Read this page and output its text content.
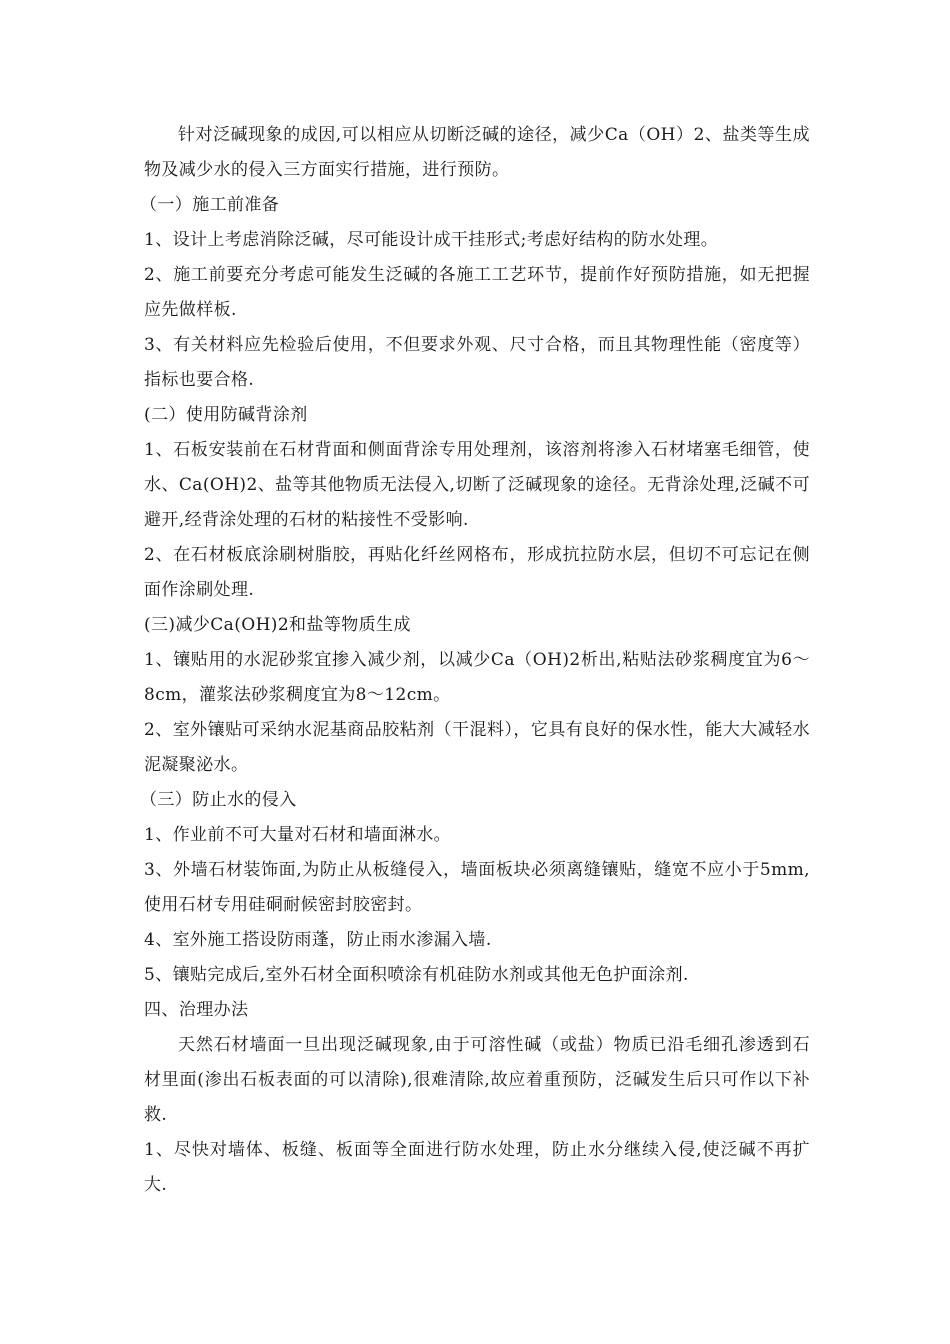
针对泛碱现象的成因,可以相应从切断泛碱的途径，减少Ca（OH）2、盐类等生成物及减少水的侵入三方面实行措施，进行预防。

（一）施工前准备

1、设计上考虑消除泛碱，尽可能设计成干挂形式;考虑好结构的防水处理。

2、施工前要充分考虑可能发生泛碱的各施工工艺环节，提前作好预防措施，如无把握应先做样板.

3、有关材料应先检验后使用，不但要求外观、尺寸合格，而且其物理性能（密度等）指标也要合格.

(二）使用防碱背涂剂

1、石板安装前在石材背面和侧面背涂专用处理剂，该溶剂将渗入石材堵塞毛细管，使水、Ca(OH)2、盐等其他物质无法侵入,切断了泛碱现象的途径。无背涂处理,泛碱不可避开,经背涂处理的石材的粘接性不受影响.

2、在石材板底涂刷树脂胶，再贴化纤丝网格布，形成抗拉防水层，但切不可忘记在侧面作涂刷处理.

(三)减少Ca(OH)2和盐等物质生成

1、镶贴用的水泥砂浆宜掺入减少剂，以减少Ca（OH)2析出,粘贴法砂浆稠度宜为6～8cm，灌浆法砂浆稠度宜为8～12cm。

2、室外镶贴可采纳水泥基商品胶粘剂（干混料），它具有良好的保水性，能大大减轻水泥凝聚泌水。

（三）防止水的侵入

1、作业前不可大量对石材和墙面淋水。

3、外墙石材装饰面,为防止从板缝侵入，墙面板块必须离缝镶贴，缝宽不应小于5mm,使用石材专用硅硐耐候密封胶密封。

4、室外施工搭设防雨蓬，防止雨水渗漏入墙.

5、镶贴完成后,室外石材全面积喷涂有机硅防水剂或其他无色护面涂剂.

四、治理办法

天然石材墙面一旦出现泛碱现象,由于可溶性碱（或盐）物质已沿毛细孔渗透到石材里面(渗出石板表面的可以清除),很难清除,故应着重预防，泛碱发生后只可作以下补救.

1、尽快对墙体、板缝、板面等全面进行防水处理，防止水分继续入侵,使泛碱不再扩大.
